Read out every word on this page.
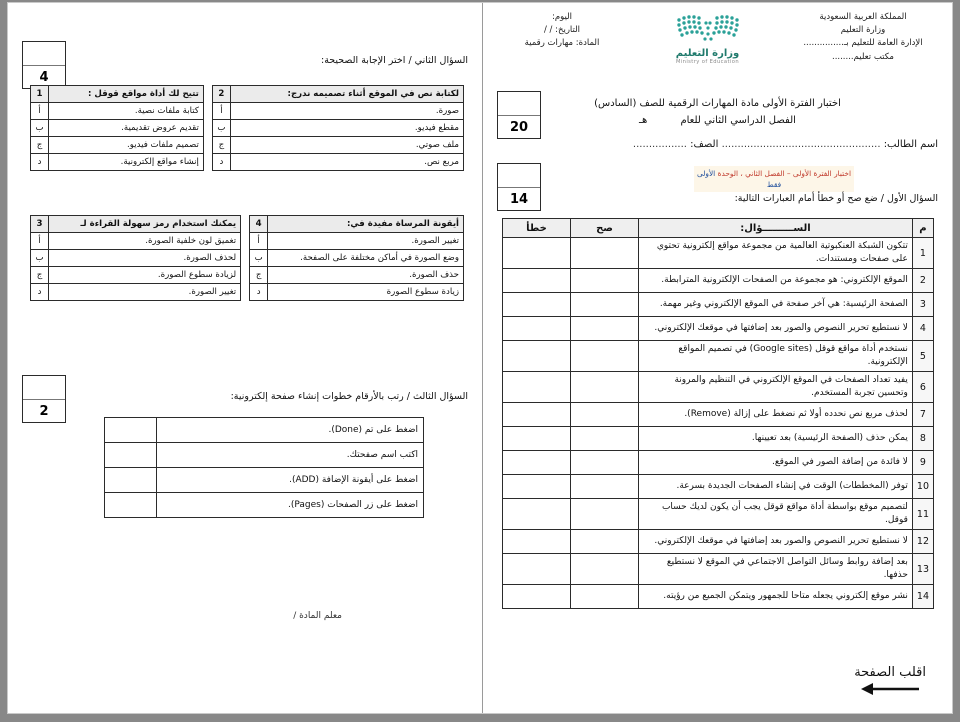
المملكة العربية السعودية
وزارة التعليم
الإدارة العامة للتعليم بـ...............
مكتب تعليم........
وزارة التعليم
Ministry of Education
اليوم:
التاريخ: / /
المادة: مهارات رقمية
اختبار الفترة الأولى مادة المهارات الرقمية للصف (السادس)
الفصل الدراسي الثاني للعام هـ
اسم الطالب: .................................................. الصف: .................
20
14
اختبار الفترة الأولى – الفصل الثاني ، الوحدة الأولى فقط
السؤال الأول / ضع صح أو خطأ أمام العبارات التالية:
م	الســـــــــؤال:	صح	خطأ
1	تتكون الشبكة العنكبوتية العالمية من مجموعة مواقع إلكترونية تحتوي على صفحات ومستندات.		
2	الموقع الإلكتروني: هو مجموعة من الصفحات الإلكترونية المترابطة.		
3	الصفحة الرئيسية: هي آخر صفحة في الموقع الإلكتروني وغير مهمة.		
4	لا نستطيع تحرير النصوص والصور بعد إضافتها في موقعك الإلكتروني.		
5	نستخدم أداة مواقع قوقل (Google sites) في تصميم المواقع الإلكترونية.		
6	يفيد تعداد الصفحات في الموقع الإلكتروني في التنظيم والمرونة وتحسين تجربة المستخدم.		
7	لحذف مربع نص نحدده أولا ثم نضغط على إزالة (Remove).		
8	يمكن حذف (الصفحة الرئيسية) بعد تعيينها.		
9	لا فائدة من إضافة الصور في الموقع.		
10	توفر (المخططات) الوقت في إنشاء الصفحات الجديدة بسرعة.		
11	لتصميم موقع بواسطة أداة مواقع قوقل يجب أن يكون لديك حساب قوقل.		
12	لا نستطيع تحرير النصوص والصور بعد إضافتها في موقعك الإلكتروني.		
13	بعد إضافة روابط وسائل التواصل الاجتماعي في الموقع لا نستطيع حذفها.		
14	نشر موقع إلكتروني يجعله متاحا للجمهور ويتمكن الجميع من رؤيته.		
اقلب الصفحة
السؤال الثاني / اختر الإجابة الصحيحة:
4
لكتابة نص في الموقع أثناء تصميمه ندرج:	2		تتيح لك أداة مواقع قوقل :	1
صورة.	أ		كتابة ملفات نصية.	أ
مقطع فيديو.	ب		تقديم عروض تقديمية.	ب
ملف صوتي.	ج		تصميم ملفات فيديو.	ج
مربع نص.	د		إنشاء مواقع إلكترونية.	د
أيقونة المرساة مفيدة في:	4		يمكنك استخدام رمز سهولة القراءة لـ	3
تغيير الصورة.	أ		تغميق لون خلفية الصورة.	أ
وضع الصورة في أماكن مختلفة على الصفحة.	ب		لحذف الصورة.	ب
حذف الصورة.	ج		لزيادة سطوع الصورة.	ج
زيادة سطوع الصورة	د		تغيير الصورة.	د
2
السؤال الثالث / رتب بالأرقام خطوات إنشاء صفحة إلكترونية:
اضغط على تم (Done).	
اكتب اسم صفحتك.	
اضغط على أيقونة الإضافة (ADD).	
اضغط على زر الصفحات (Pages).	
معلم المادة /
